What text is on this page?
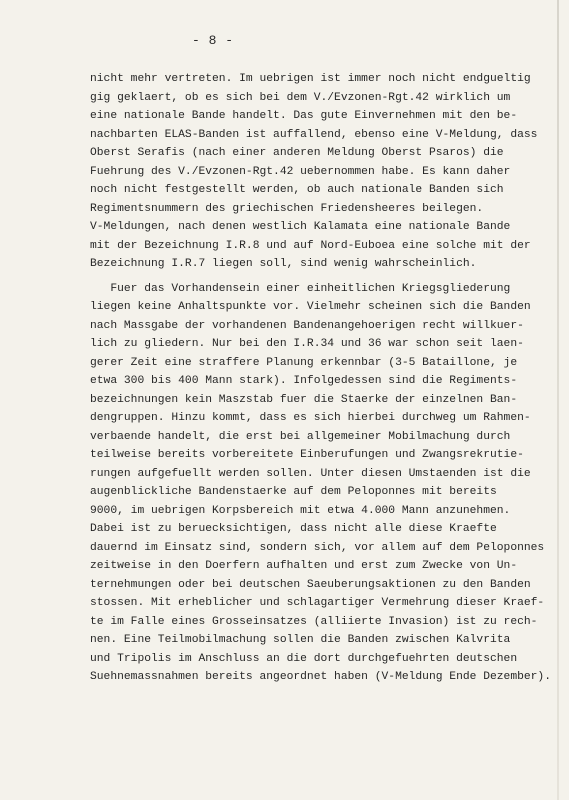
- 8 -
nicht mehr vertreten. Im uebrigen ist immer noch nicht endgueltig
gig geklaert, ob es sich bei dem V./Evzonen-Rgt.42 wirklich um
eine nationale Bande handelt. Das gute Einvernehmen mit den be-
nachbarten ELAS-Banden ist auffallend, ebenso eine V-Meldung, dass
Oberst Serafis (nach einer anderen Meldung Oberst Psaros) die
Fuehrung des V./Evzonen-Rgt.42 uebernommen habe. Es kann daher
noch nicht festgestellt werden, ob auch nationale Banden sich
Regimentsnummern des griechischen Friedensheeres beilegen.
V-Meldungen, nach denen westlich Kalamata eine nationale Bande
mit der Bezeichnung I.R.8 und auf Nord-Euboea eine solche mit der
Bezeichnung I.R.7 liegen soll, sind wenig wahrscheinlich.
Fuer das Vorhandensein einer einheitlichen Kriegsgliederung
liegen keine Anhaltspunkte vor. Vielmehr scheinen sich die Banden
nach Massgabe der vorhandenen Bandenangehoerigen recht willkuer-
lich zu gliedern. Nur bei den I.R.34 und 36 war schon seit laen-
gerer Zeit eine straffere Planung erkennbar (3-5 Bataillone, je
etwa 300 bis 400 Mann stark). Infolgedessen sind die Regiments-
bezeichnungen kein Maszstab fuer die Staerke der einzelnen Ban-
dengruppen. Hinzu kommt, dass es sich hierbei durchweg um Rahmen-
verbaende handelt, die erst bei allgemeiner Mobilmachung durch
teilweise bereits vorbereitete Einberufungen und Zwangsrekrutie-
rungen aufgefuellt werden sollen. Unter diesen Umstaenden ist die
augenblickliche Bandenstaerke auf dem Peloponnes mit bereits
9000, im uebrigen Korpsbereich mit etwa 4.000 Mann anzunehmen.
Dabei ist zu beruecksichtigen, dass nicht alle diese Kraefte
dauernd im Einsatz sind, sondern sich, vor allem auf dem Peloponnes
zeitweise in den Doerfern aufhalten und erst zum Zwecke von Un-
ternehmungen oder bei deutschen Saeuberungsaktionen zu den Banden
stossen. Mit erheblicher und schlagartiger Vermehrung dieser Kraef-
te im Falle eines Grosseinsatzes (alliierte Invasion) ist zu rech-
nen. Eine Teilmobilmachung sollen die Banden zwischen Kalvrita
und Tripolis im Anschluss an die dort durchgefuehrten deutschen
Suehnemassnahmen bereits angeordnet haben (V-Meldung Ende Dezember).
